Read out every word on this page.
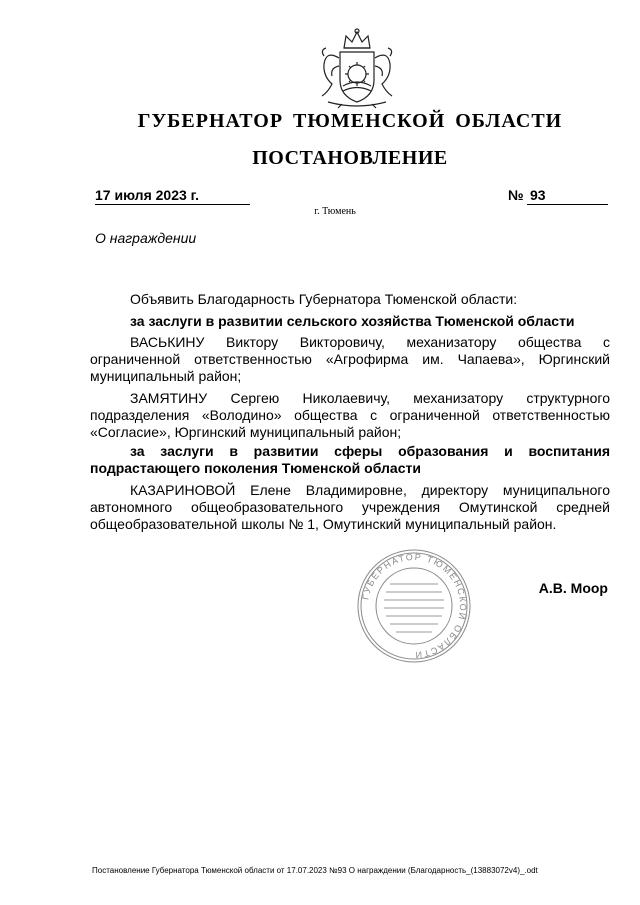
ГУБЕРНАТОР ТЮМЕНСКОЙ ОБЛАСТИ
ПОСТАНОВЛЕНИЕ
17 июля 2023 г.	№ 93
г. Тюмень
О награждении

Объявить Благодарность Губернатора Тюменской области:

за заслуги в развитии сельского хозяйства Тюменской области

ВАСЬКИНУ Виктору Викторовичу, механизатору общества с ограниченной ответственностью «Агрофирма им. Чапаева», Юргинский муниципальный район;

ЗАМЯТИНУ Сергею Николаевичу, механизатору структурного подразделения «Володино» общества с ограниченной ответственностью «Согласие», Юргинский муниципальный район;

за заслуги в развитии сферы образования и воспитания подрастающего поколения Тюменской области

КАЗАРИНОВОЙ Елене Владимировне, директору муниципального автономного общеобразовательного учреждения Омутинской средней общеобразовательной школы № 1, Омутинский муниципальный район.

ГУБЕРНАТОР ТЮМЕНСКОЙ ОБЛАСТИ
А.В. Моор
Постановление Губернатора Тюменской области от 17.07.2023 №93 О награждении (Благодарность_(13883072v4)_.odt
